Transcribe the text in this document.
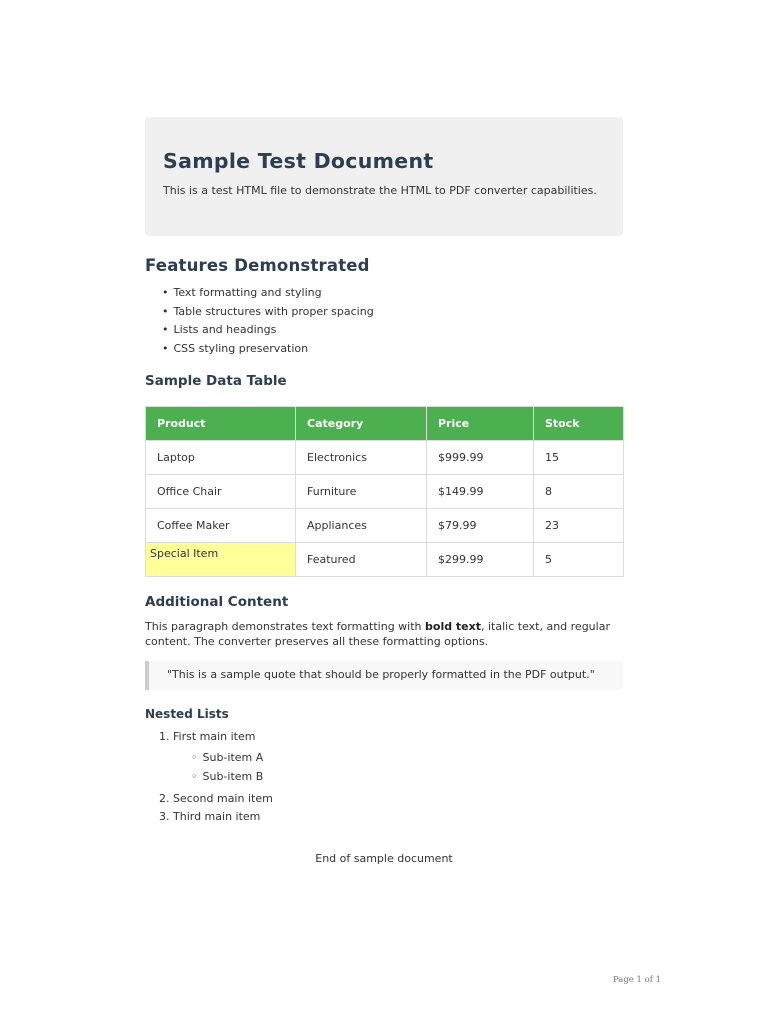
Sample Test Document

This is a test HTML file to demonstrate the HTML to PDF converter capabilities.

Features Demonstrated
• Text formatting and styling
• Table structures with proper spacing
• Lists and headings
• CSS styling preservation
Sample Data Table
Product	Category	Price	Stock
Laptop	Electronics	$999.99	15
Office Chair	Furniture	$149.99	8
Coffee Maker	Appliances	$79.99	23
Special Item	Featured	$299.99	5
Additional Content

This paragraph demonstrates text formatting with bold text, italic text, and regular content. The converter preserves all these formatting options.

"This is a sample quote that should be properly formatted in the PDF output."
Nested Lists
1. First main item
◦ Sub-item A
◦ Sub-item B
2. Second main item
3. Third main item
End of sample document
Page 1 of 1
